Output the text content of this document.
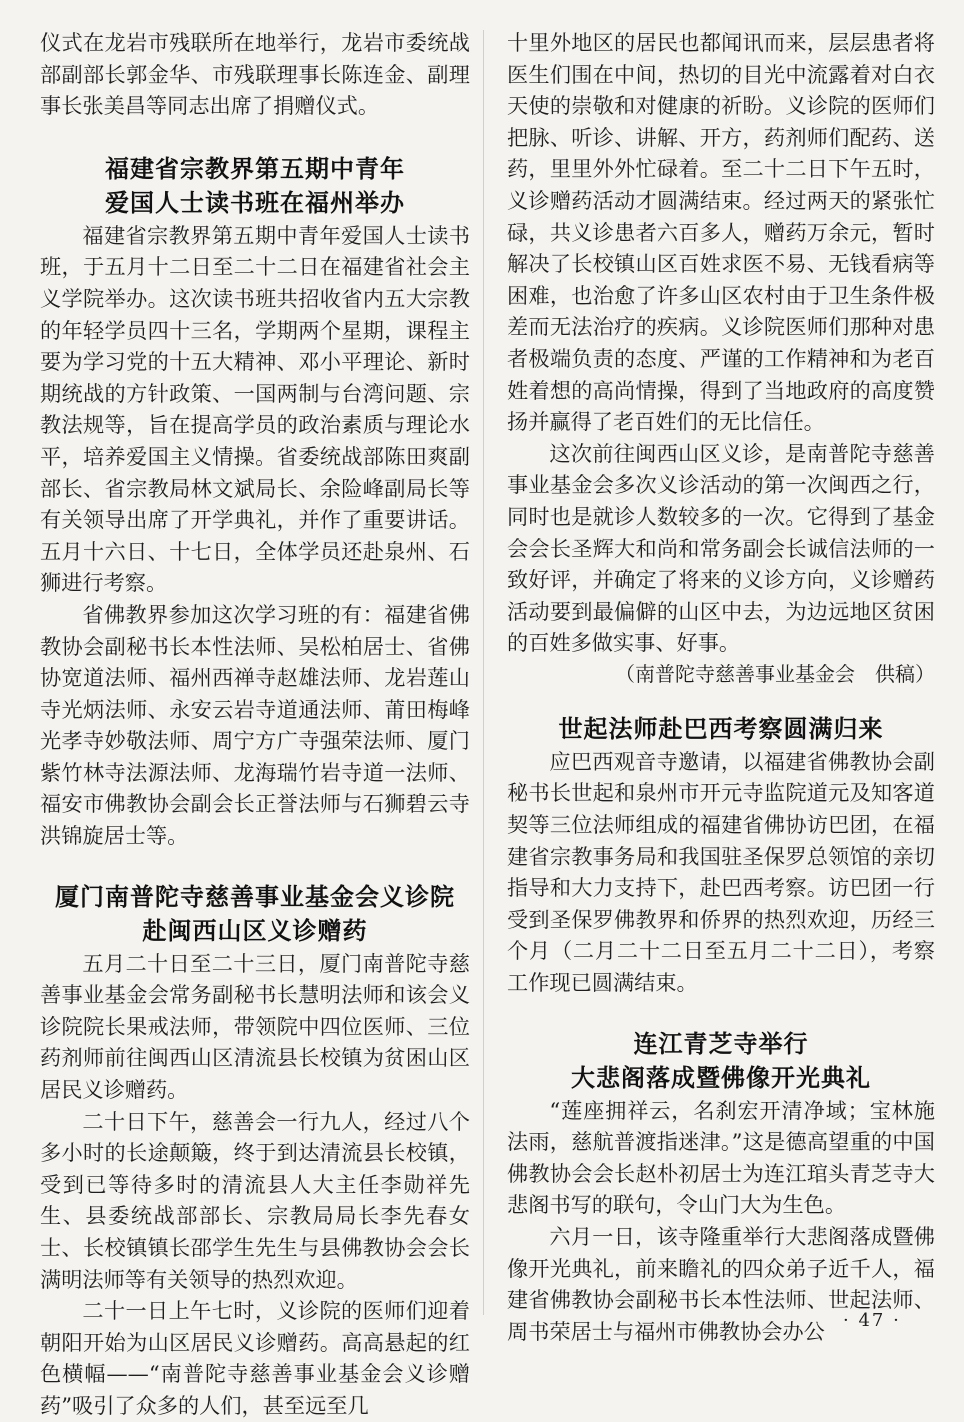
仪式在龙岩市残联所在地举行，龙岩市委统战部副部长郭金华、市残联理事长陈连金、副理事长张美昌等同志出席了捐赠仪式。

福建省宗教界第五期中青年
爱国人士读书班在福州举办

福建省宗教界第五期中青年爱国人士读书班，于五月十二日至二十二日在福建省社会主义学院举办。这次读书班共招收省内五大宗教的年轻学员四十三名，学期两个星期，课程主要为学习党的十五大精神、邓小平理论、新时期统战的方针政策、一国两制与台湾问题、宗教法规等，旨在提高学员的政治素质与理论水平，培养爱国主义情操。省委统战部陈田爽副部长、省宗教局林文斌局长、余险峰副局长等有关领导出席了开学典礼，并作了重要讲话。五月十六日、十七日，全体学员还赴泉州、石狮进行考察。

省佛教界参加这次学习班的有：福建省佛教协会副秘书长本性法师、吴松柏居士、省佛协宽道法师、福州西禅寺赵雄法师、龙岩莲山寺光炳法师、永安云岩寺道通法师、莆田梅峰光孝寺妙敬法师、周宁方广寺强荣法师、厦门紫竹林寺法源法师、龙海瑞竹岩寺道一法师、福安市佛教协会副会长正誉法师与石狮碧云寺洪锦旋居士等。

厦门南普陀寺慈善事业基金会义诊院
赴闽西山区义诊赠药

五月二十日至二十三日，厦门南普陀寺慈善事业基金会常务副秘书长慧明法师和该会义诊院院长果戒法师，带领院中四位医师、三位药剂师前往闽西山区清流县长校镇为贫困山区居民义诊赠药。

二十日下午，慈善会一行九人，经过八个多小时的长途颠簸，终于到达清流县长校镇，受到已等待多时的清流县人大主任李勋祥先生、县委统战部部长、宗教局局长李先春女士、长校镇镇长邵学生先生与县佛教协会会长满明法师等有关领导的热烈欢迎。

二十一日上午七时，义诊院的医师们迎着朝阳开始为山区居民义诊赠药。高高悬起的红色横幅——“南普陀寺慈善事业基金会义诊赠药”吸引了众多的人们，甚至远至几

十里外地区的居民也都闻讯而来，层层患者将医生们围在中间，热切的目光中流露着对白衣天使的崇敬和对健康的祈盼。义诊院的医师们把脉、听诊、讲解、开方，药剂师们配药、送药，里里外外忙碌着。至二十二日下午五时，义诊赠药活动才圆满结束。经过两天的紧张忙碌，共义诊患者六百多人，赠药万余元，暂时解决了长校镇山区百姓求医不易、无钱看病等困难，也治愈了许多山区农村由于卫生条件极差而无法治疗的疾病。义诊院医师们那种对患者极端负责的态度、严谨的工作精神和为老百姓着想的高尚情操，得到了当地政府的高度赞扬并赢得了老百姓们的无比信任。

这次前往闽西山区义诊，是南普陀寺慈善事业基金会多次义诊活动的第一次闽西之行，同时也是就诊人数较多的一次。它得到了基金会会长圣辉大和尚和常务副会长诚信法师的一致好评，并确定了将来的义诊方向，义诊赠药活动要到最偏僻的山区中去，为边远地区贫困的百姓多做实事、好事。

（南普陀寺慈善事业基金会　供稿）

世起法师赴巴西考察圆满归来

应巴西观音寺邀请，以福建省佛教协会副秘书长世起和泉州市开元寺监院道元及知客道契等三位法师组成的福建省佛协访巴团，在福建省宗教事务局和我国驻圣保罗总领馆的亲切指导和大力支持下，赴巴西考察。访巴团一行受到圣保罗佛教界和侨界的热烈欢迎，历经三个月（二月二十二日至五月二十二日），考察工作现已圆满结束。

连江青芝寺举行
大悲阁落成暨佛像开光典礼

“莲座拥祥云，名刹宏开清净域；宝林施法雨，慈航普渡指迷津。”这是德高望重的中国佛教协会会长赵朴初居士为连江琯头青芝寺大悲阁书写的联句，令山门大为生色。

六月一日，该寺隆重举行大悲阁落成暨佛像开光典礼，前来瞻礼的四众弟子近千人，福建省佛教协会副秘书长本性法师、世起法师、周书荣居士与福州市佛教协会办公	· 47 ·
